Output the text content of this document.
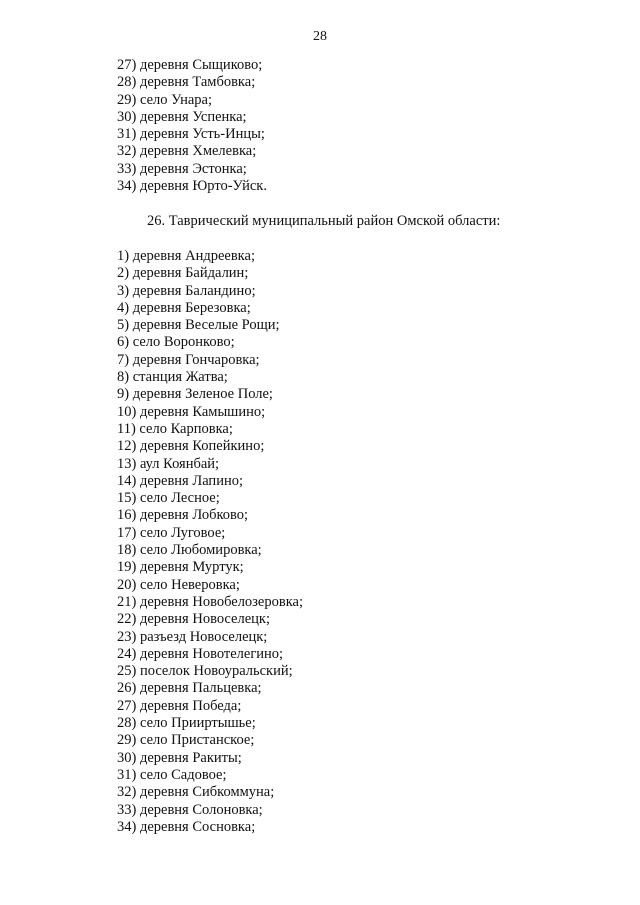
28
27) деревня Сыщиково;
28) деревня Тамбовка;
29) село Унара;
30) деревня Успенка;
31) деревня Усть-Инцы;
32) деревня Хмелевка;
33) деревня Эстонка;
34) деревня Юрто-Уйск.
26. Таврический муниципальный район Омской области:
1) деревня Андреевка;
2) деревня Байдалин;
3) деревня Баландино;
4) деревня Березовка;
5) деревня Веселые Рощи;
6) село Воронково;
7) деревня Гончаровка;
8) станция Жатва;
9) деревня Зеленое Поле;
10) деревня Камышино;
11) село Карповка;
12) деревня Копейкино;
13) аул Коянбай;
14) деревня Лапино;
15) село Лесное;
16) деревня Лобково;
17) село Луговое;
18) село Любомировка;
19) деревня Муртук;
20) село Неверовка;
21) деревня Новобелозеровка;
22) деревня Новоселецк;
23) разъезд Новоселецк;
24) деревня Новотелегино;
25) поселок Новоуральский;
26) деревня Пальцевка;
27) деревня Победа;
28) село Прииртышье;
29) село Пристанское;
30) деревня Ракиты;
31) село Садовое;
32) деревня Сибкоммуна;
33) деревня Солоновка;
34) деревня Сосновка;
